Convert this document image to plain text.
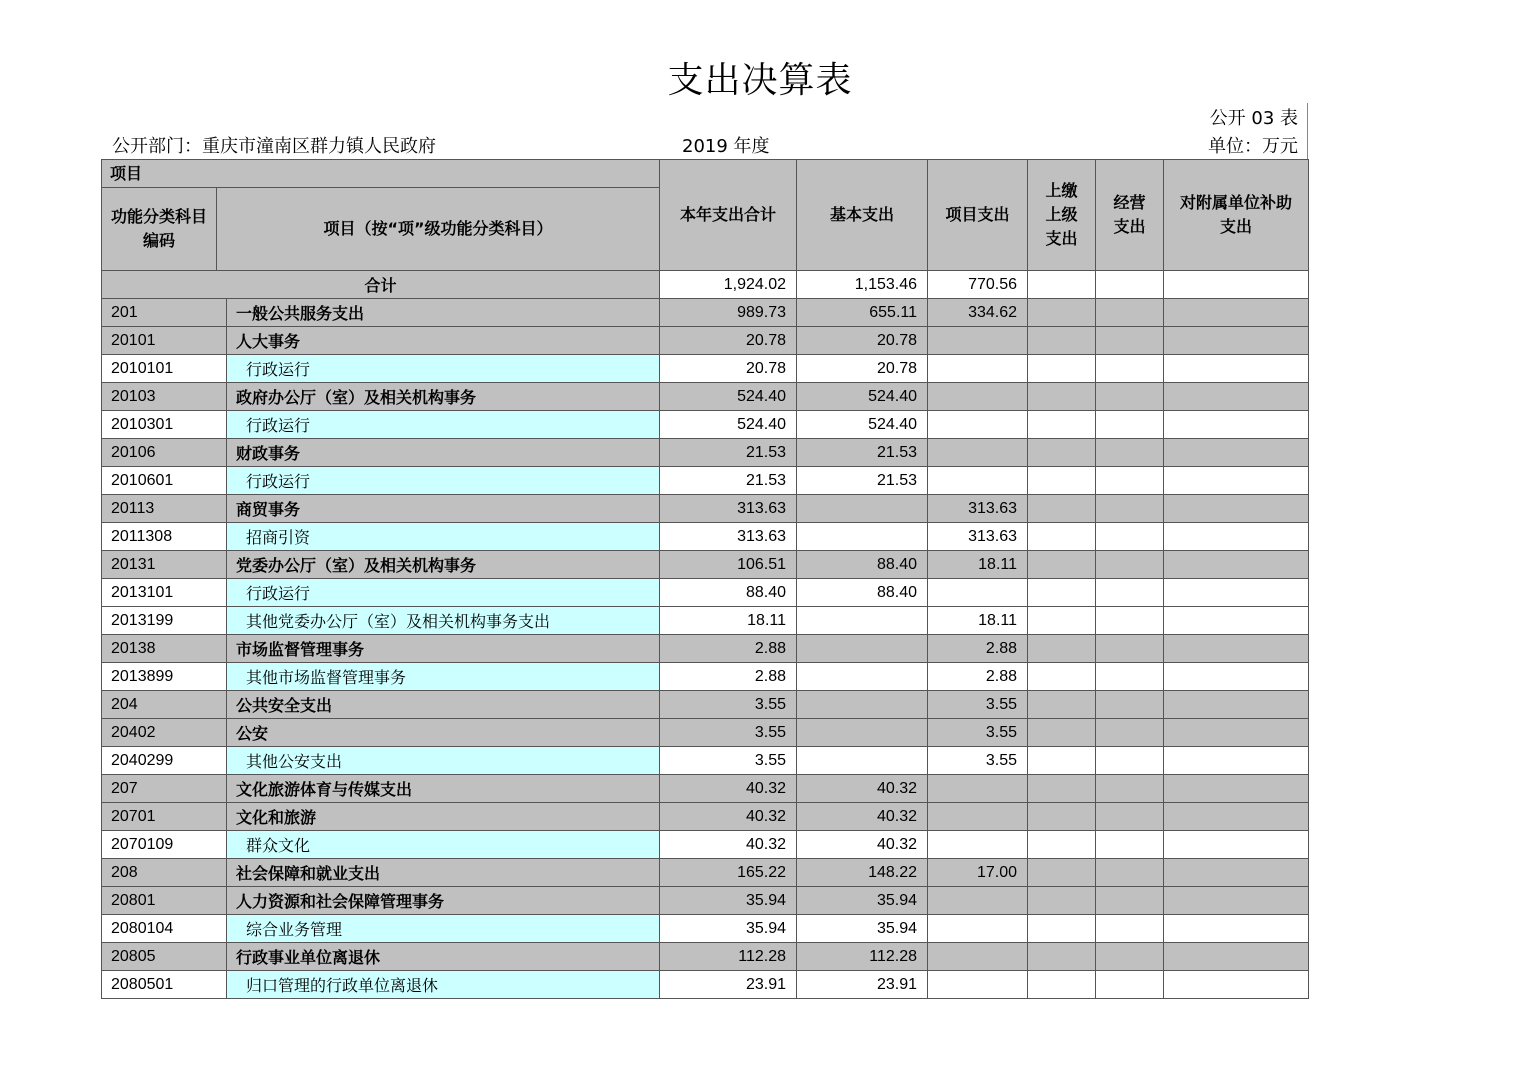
支出决算表
公开 03 表
公开部门：重庆市潼南区群力镇人民政府	2019 年度	单位：万元
项目			本年支出合计	基本支出	项目支出	上缴上级支出	经营支出	对附属单位补助支出
功能分类科目编码	项目（按“项”级功能分类科目）							
合计			1,924.02	1,153.46	770.56			
201		一般公共服务支出	989.73	655.11	334.62			
20101		人大事务	20.78	20.78				
2010101		行政运行	20.78	20.78				
20103		政府办公厅（室）及相关机构事务	524.40	524.40				
2010301		行政运行	524.40	524.40				
20106		财政事务	21.53	21.53				
2010601		行政运行	21.53	21.53				
20113		商贸事务	313.63		313.63			
2011308		招商引资	313.63		313.63			
20131		党委办公厅（室）及相关机构事务	106.51	88.40	18.11			
2013101		行政运行	88.40	88.40				
2013199		其他党委办公厅（室）及相关机构事务支出	18.11		18.11			
20138		市场监督管理事务	2.88		2.88			
2013899		其他市场监督管理事务	2.88		2.88			
204		公共安全支出	3.55		3.55			
20402		公安	3.55		3.55			
2040299		其他公安支出	3.55		3.55			
207		文化旅游体育与传媒支出	40.32	40.32				
20701		文化和旅游	40.32	40.32				
2070109		群众文化	40.32	40.32				
208		社会保障和就业支出	165.22	148.22	17.00			
20801		人力资源和社会保障管理事务	35.94	35.94				
2080104		综合业务管理	35.94	35.94				
20805		行政事业单位离退休	112.28	112.28				
2080501		归口管理的行政单位离退休	23.91	23.91				
